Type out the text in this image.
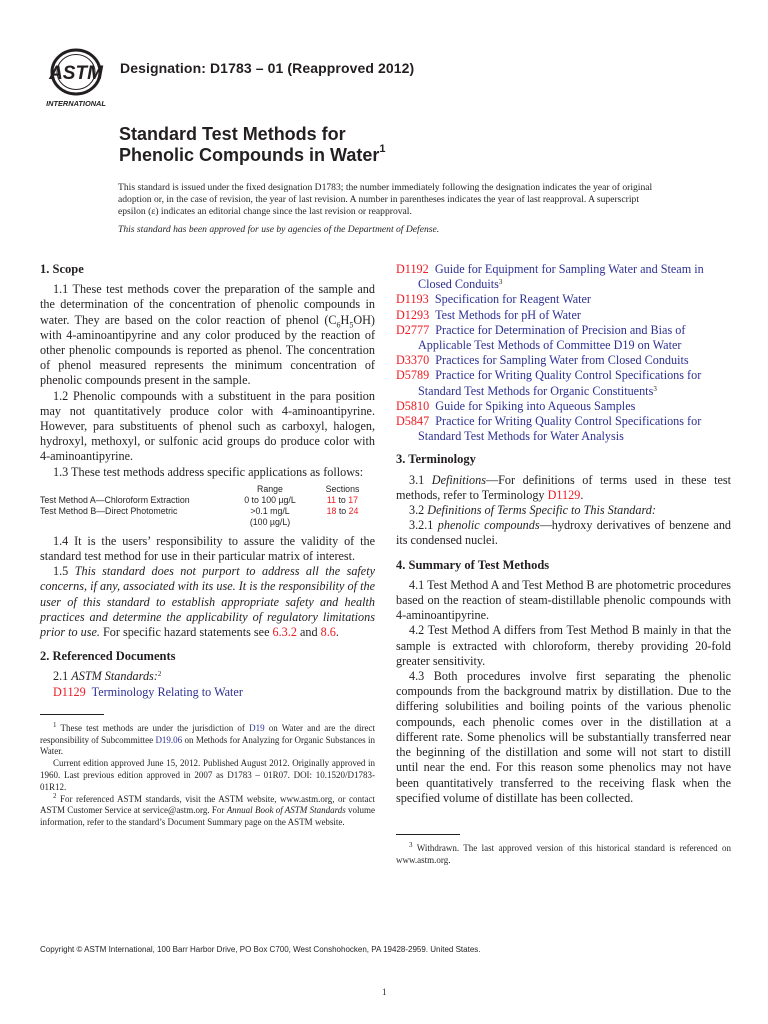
ASTM
INTERNATIONAL
Designation: D1783 – 01 (Reapproved 2012)
Standard Test Methods for
Phenolic Compounds in Water$^1$

This standard is issued under the fixed designation D1783; the number immediately following the designation indicates the year of original adoption or, in the case of revision, the year of last revision. A number in parentheses indicates the year of last reapproval. A superscript epsilon (ε) indicates an editorial change since the last revision or reapproval.

This standard has been approved for use by agencies of the Department of Defense.

1. Scope

1.1 These test methods cover the preparation of the sample and the determination of the concentration of phenolic compounds in water. They are based on the color reaction of phenol $(C_6H_5OH)$ with 4-aminoantipyrine and any color produced by the reaction of other phenolic compounds is reported as phenol. The concentration of phenol measured represents the minimum concentration of phenolic compounds present in the sample.

1.2 Phenolic compounds with a substituent in the para position may not quantitatively produce color with 4-aminoantipyrine. However, para substituents of phenol such as carboxyl, halogen, hydroxyl, methoxyl, or sulfonic acid groups do produce color with 4-aminoantipyrine.

1.3 These test methods address specific applications as follows:

	Range	Sections
Test Method A—Chloroform Extraction	0 to 100 µg/L	11 to 17
Test Method B—Direct Photometric	>0.1 mg/L	18 to 24
	(100 µg/L)	

1.4 It is the users’ responsibility to assure the validity of the standard test method for use in their particular matrix of interest.

1.5 This standard does not purport to address all the safety concerns, if any, associated with its use. It is the responsibility of the user of this standard to establish appropriate safety and health practices and determine the applicability of regulatory limitations prior to use. For specific hazard statements see 6.3.2 and 8.6.

2. Referenced Documents

2.1 ASTM Standards:$^2$

D1129 Terminology Relating to Water

$^1$ These test methods are under the jurisdiction of D19 on Water and are the direct responsibility of Subcommittee D19.06 on Methods for Analyzing for Organic Substances in Water.

Current edition approved June 15, 2012. Published August 2012. Originally approved in 1960. Last previous edition approved in 2007 as D1783 – 01R07. DOI: 10.1520/D1783-01R12.

$^2$ For referenced ASTM standards, visit the ASTM website, www.astm.org, or contact ASTM Customer Service at service@astm.org. For Annual Book of ASTM Standards volume information, refer to the standard’s Document Summary page on the ASTM website.

D1192 Guide for Equipment for Sampling Water and Steam in Closed Conduits$^3$

D1193 Specification for Reagent Water

D1293 Test Methods for pH of Water

D2777 Practice for Determination of Precision and Bias of Applicable Test Methods of Committee D19 on Water

D3370 Practices for Sampling Water from Closed Conduits

D5789 Practice for Writing Quality Control Specifications for Standard Test Methods for Organic Constituents$^3$

D5810 Guide for Spiking into Aqueous Samples

D5847 Practice for Writing Quality Control Specifications for Standard Test Methods for Water Analysis

3. Terminology

3.1 Definitions—For definitions of terms used in these test methods, refer to Terminology D1129.

3.2 Definitions of Terms Specific to This Standard:

3.2.1 phenolic compounds—hydroxy derivatives of benzene and its condensed nuclei.

4. Summary of Test Methods

4.1 Test Method A and Test Method B are photometric procedures based on the reaction of steam-distillable phenolic compounds with 4-aminoantipyrine.

4.2 Test Method A differs from Test Method B mainly in that the sample is extracted with chloroform, thereby providing 20-fold greater sensitivity.

4.3 Both procedures involve first separating the phenolic compounds from the background matrix by distillation. Due to the differing solubilities and boiling points of the various phenolic compounds, each phenolic comes over in the distillation at a different rate. Some phenolics will be substantially transferred near the beginning of the distillation and some will not start to distill until near the end. For this reason some phenolics may not have been quantitatively transferred to the receiving flask when the specified volume of distillate has been collected.

$^3$ Withdrawn. The last approved version of this historical standard is referenced on www.astm.org.

Copyright © ASTM International, 100 Barr Harbor Drive, PO Box C700, West Conshohocken, PA 19428-2959. United States.
1
